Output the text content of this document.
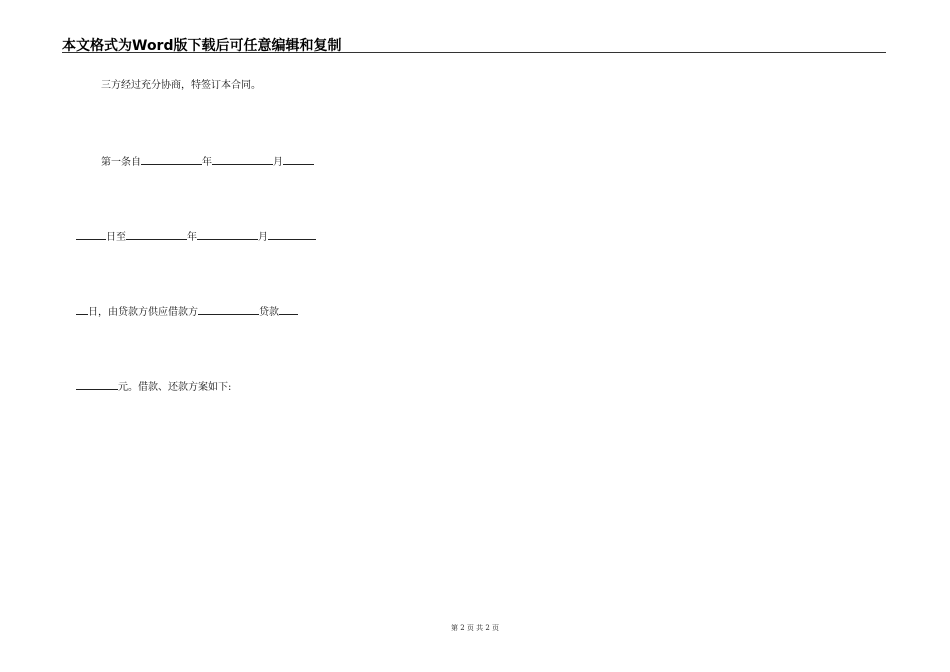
本文格式为Word版下载后可任意编辑和复制
三方经过充分协商，特签订本合同。
第一条自	年	月
日至	年	月
日，由贷款方供应借款方	贷款
元。借款、还款方案如下:
第 2 页 共 2 页
